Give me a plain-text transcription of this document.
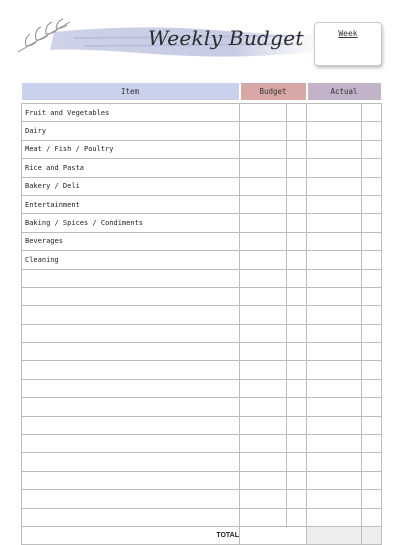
Weekly Budget	Week
Item	Budget		Actual	

Fruit and Vegetables				
Dairy				
Meat / Fish / Poultry				
Rice and Pasta				
Bakery / Deli				
Entertainment				
Baking / Spices / Condiments				
Beverages				
Cleaning				

TOTAL				
